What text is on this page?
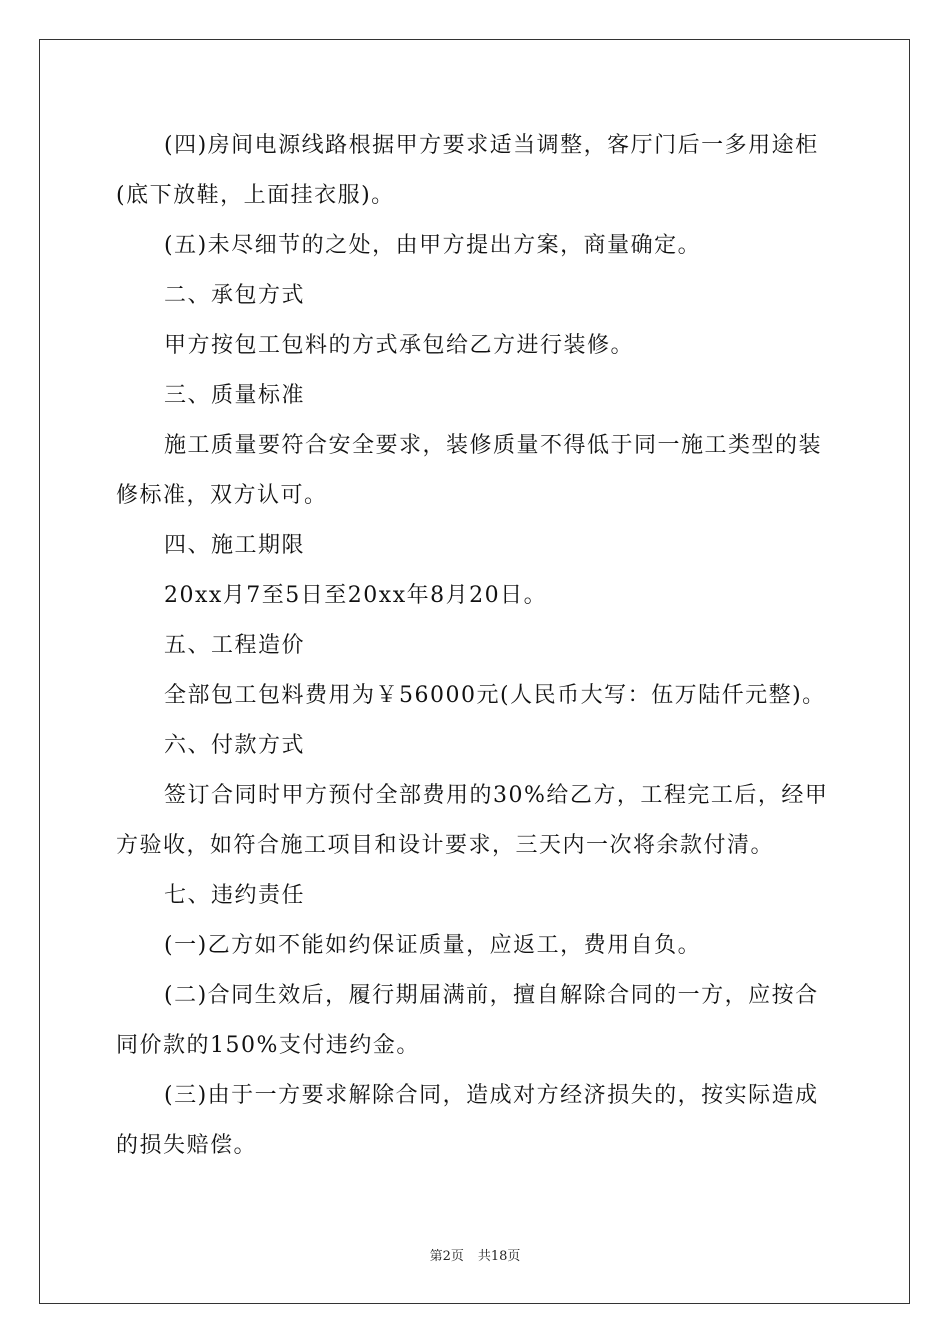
(四)房间电源线路根据甲方要求适当调整，客厅门后一多用途柜
(底下放鞋，上面挂衣服)。
(五)未尽细节的之处，由甲方提出方案，商量确定。
二、承包方式
甲方按包工包料的方式承包给乙方进行装修。
三、质量标准
施工质量要符合安全要求，装修质量不得低于同一施工类型的装
修标准，双方认可。
四、施工期限
20xx月7至5日至20xx年8月20日。
五、工程造价
全部包工包料费用为￥56000元(人民币大写：伍万陆仟元整)。
六、付款方式
签订合同时甲方预付全部费用的30%给乙方，工程完工后，经甲
方验收，如符合施工项目和设计要求，三天内一次将余款付清。
七、违约责任
(一)乙方如不能如约保证质量，应返工，费用自负。
(二)合同生效后，履行期届满前，擅自解除合同的一方，应按合
同价款的150%支付违约金。
(三)由于一方要求解除合同，造成对方经济损失的，按实际造成
的损失赔偿。
第2页 共18页
